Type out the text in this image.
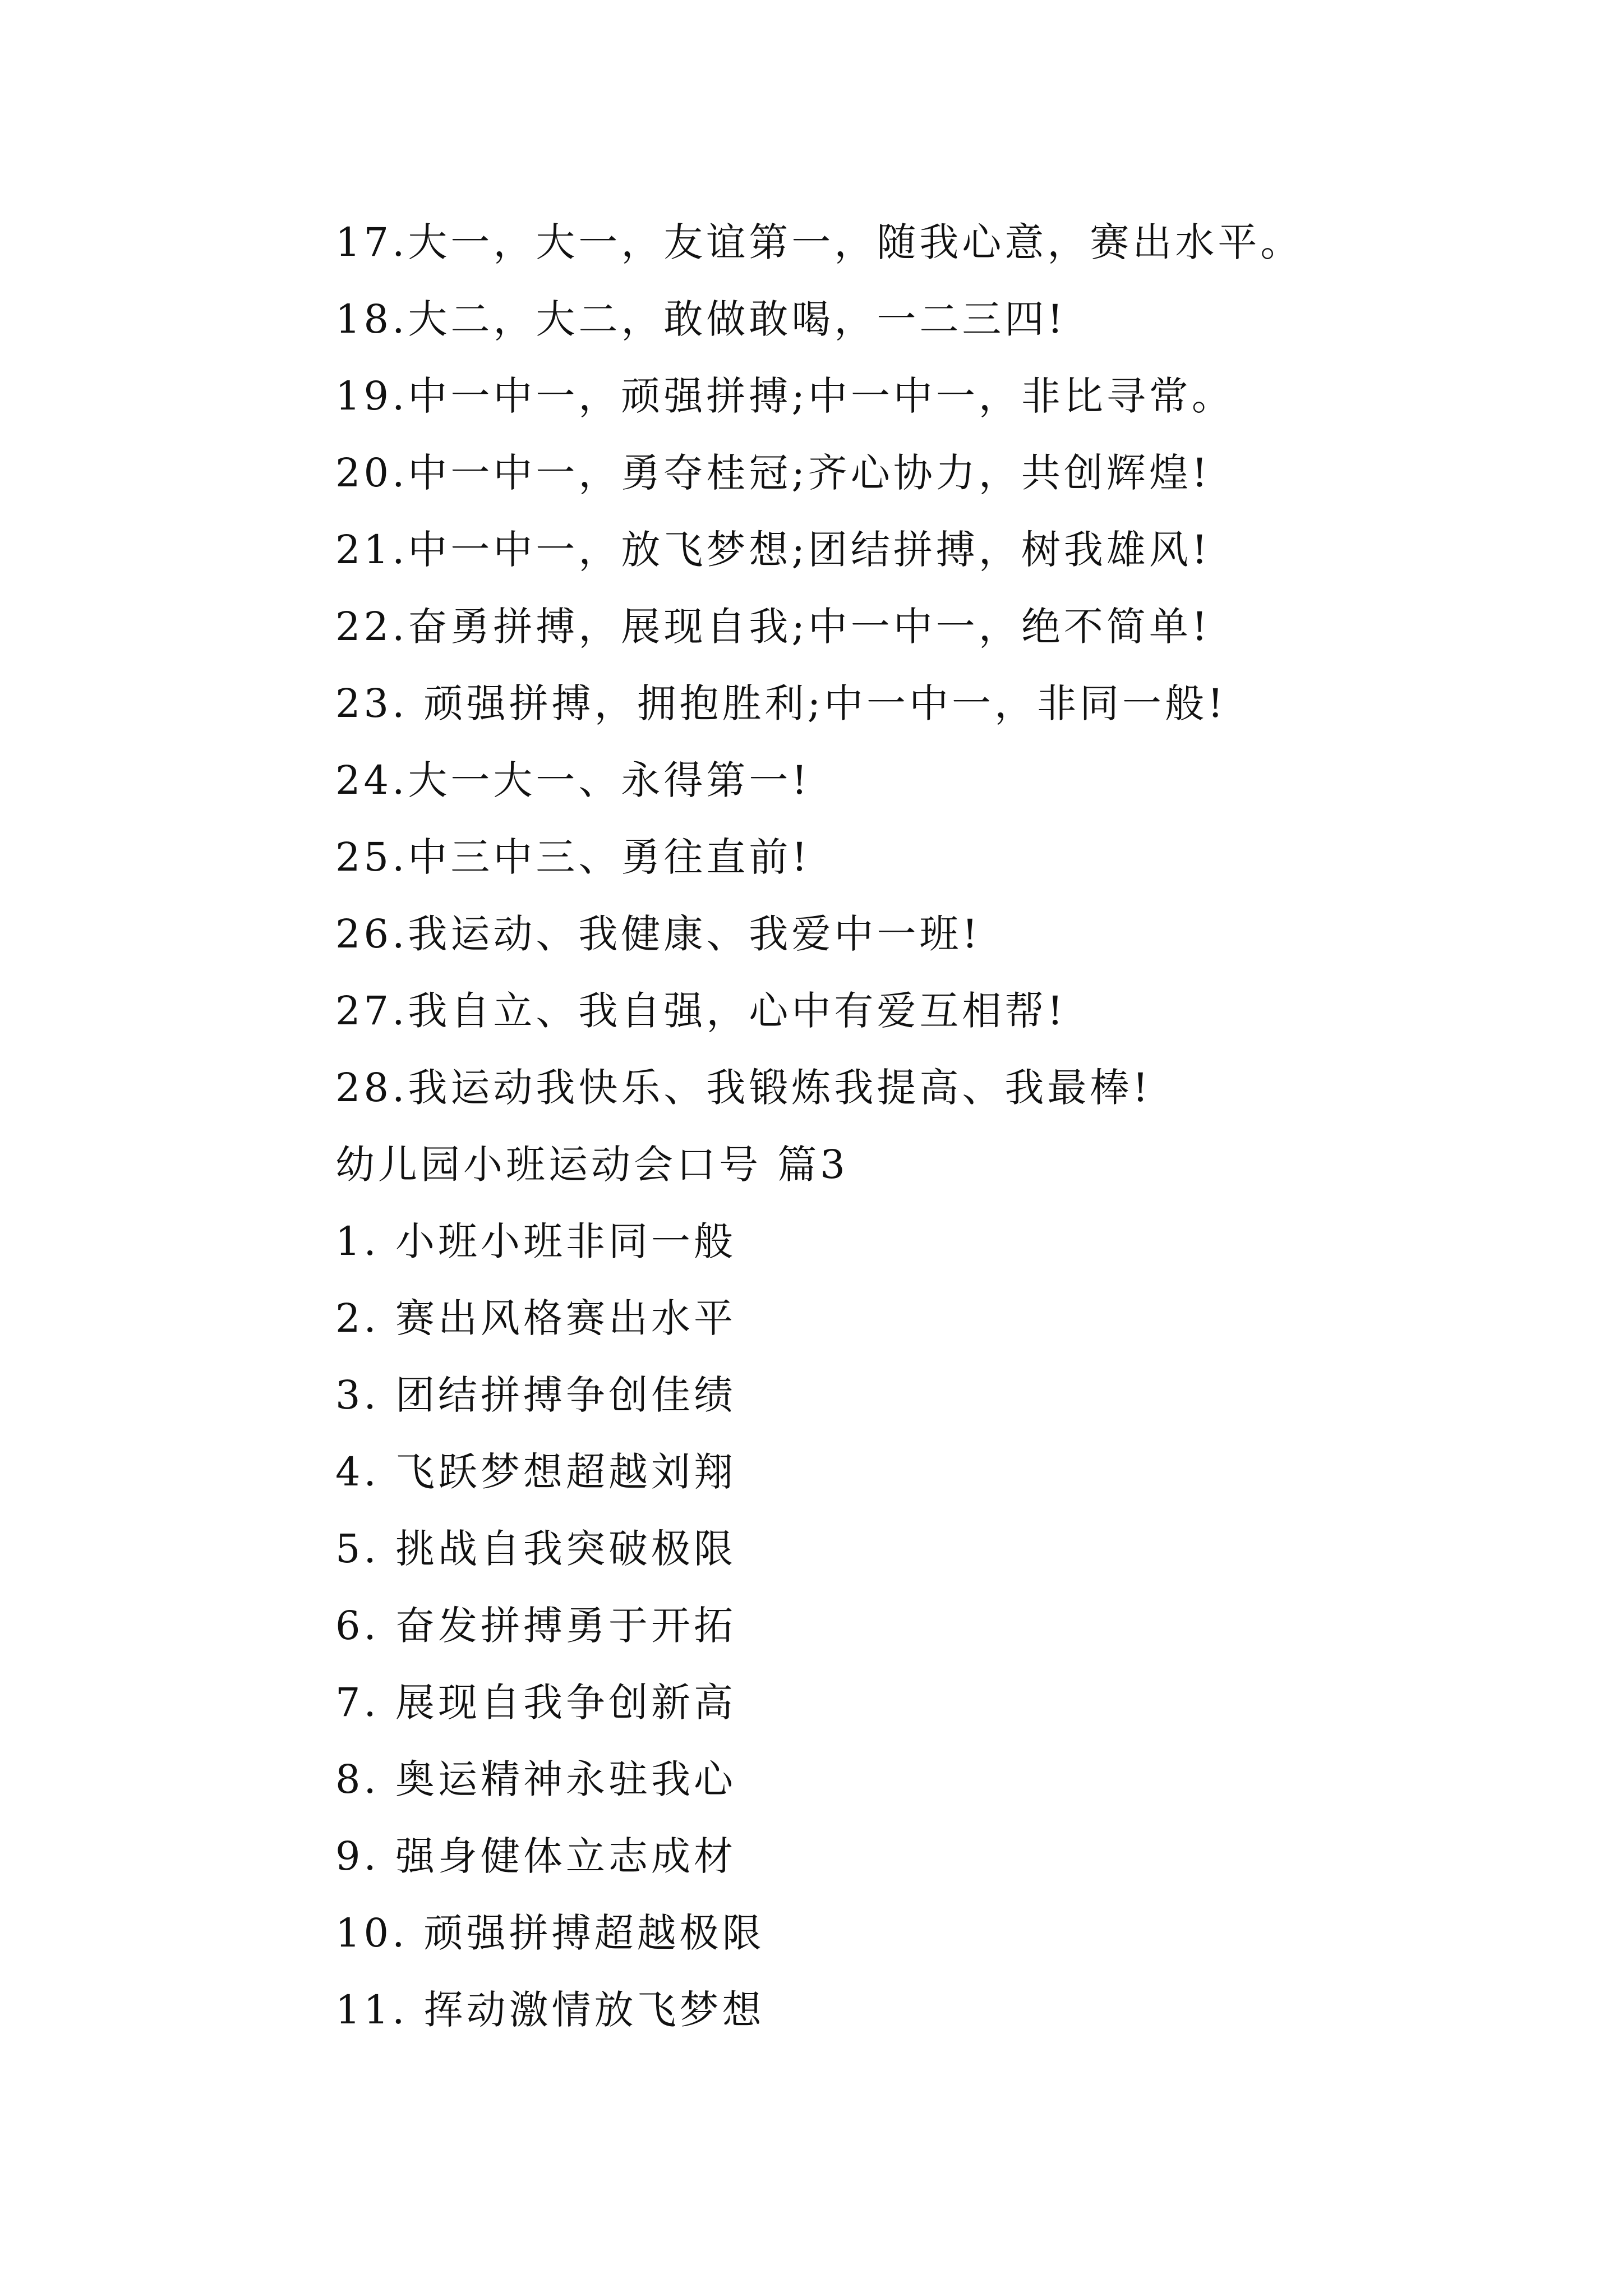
17.大一，大一，友谊第一，随我心意，赛出水平。
18.大二，大二，敢做敢喝，一二三四!
19.中一中一，顽强拼搏;中一中一，非比寻常。
20.中一中一，勇夺桂冠;齐心协力，共创辉煌!
21.中一中一，放飞梦想;团结拼搏，树我雄风!
22.奋勇拼搏，展现自我;中一中一，绝不简单!
23. 顽强拼搏，拥抱胜利;中一中一，非同一般!
24.大一大一、永得第一!
25.中三中三、勇往直前!
26.我运动、我健康、我爱中一班!
27.我自立、我自强，心中有爱互相帮!
28.我运动我快乐、我锻炼我提高、我最棒!
幼儿园小班运动会口号 篇3
1. 小班小班非同一般
2. 赛出风格赛出水平
3. 团结拼搏争创佳绩
4. 飞跃梦想超越刘翔
5. 挑战自我突破极限
6. 奋发拼搏勇于开拓
7. 展现自我争创新高
8. 奥运精神永驻我心
9. 强身健体立志成材
10. 顽强拼搏超越极限
11. 挥动激情放飞梦想
